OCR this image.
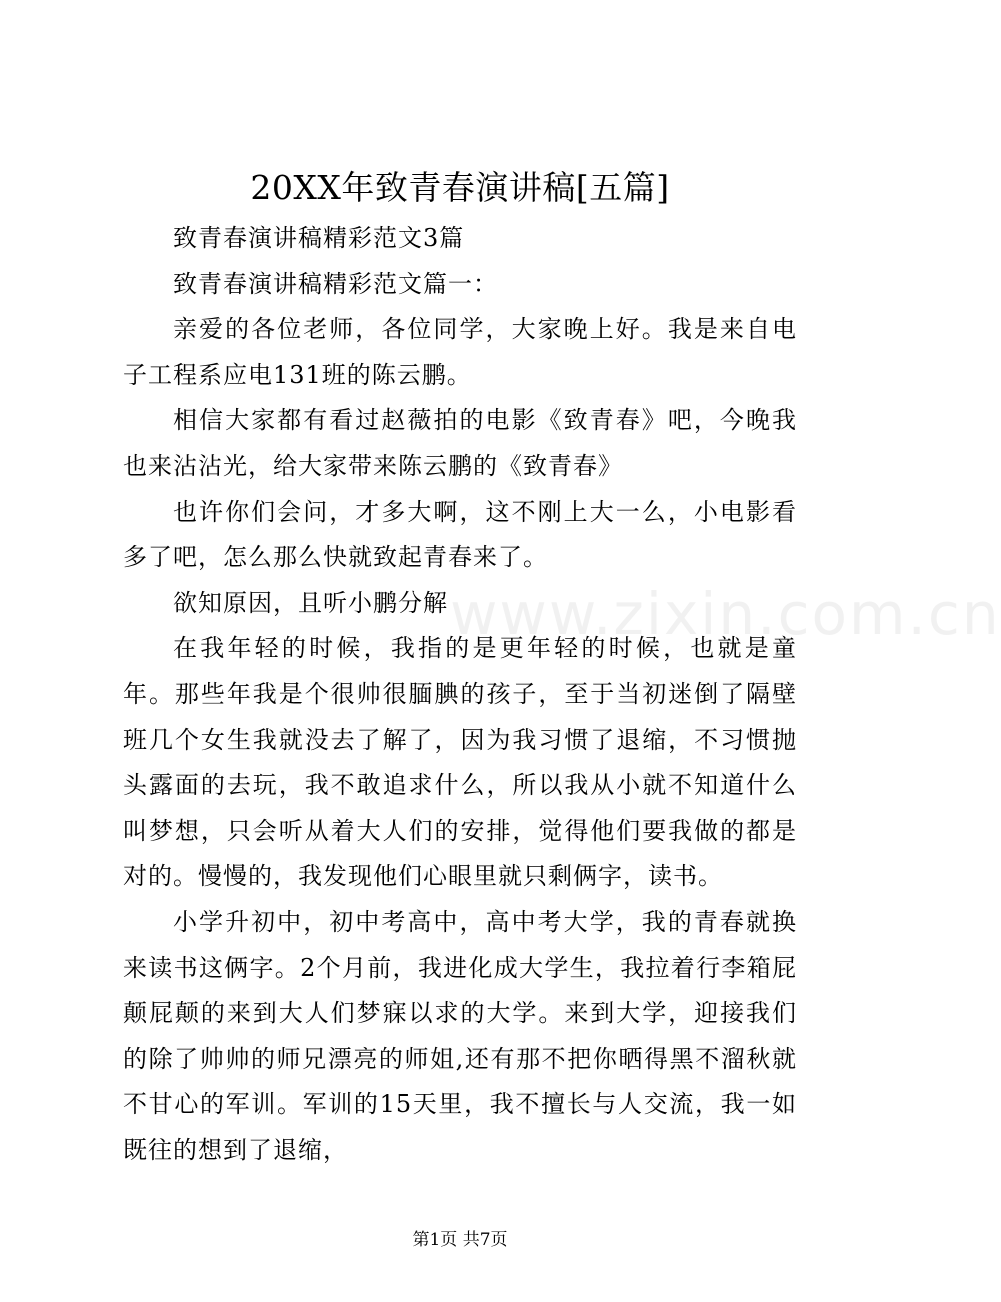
20XX年致青春演讲稿[五篇]

致青春演讲稿精彩范文3篇

致青春演讲稿精彩范文篇一：

亲爱的各位老师，各位同学，大家晚上好。我是来自电子工程系应电131班的陈云鹏。

相信大家都有看过赵薇拍的电影《致青春》吧，今晚我也来沾沾光，给大家带来陈云鹏的《致青春》

也许你们会问，才多大啊，这不刚上大一么，小电影看多了吧，怎么那么快就致起青春来了。

欲知原因，且听小鹏分解

在我年轻的时候，我指的是更年轻的时候，也就是童年。那些年我是个很帅很腼腆的孩子，至于当初迷倒了隔壁班几个女生我就没去了解了，因为我习惯了退缩，不习惯抛头露面的去玩，我不敢追求什么，所以我从小就不知道什么叫梦想，只会听从着大人们的安排，觉得他们要我做的都是对的。慢慢的，我发现他们心眼里就只剩俩字，读书。

小学升初中，初中考高中，高中考大学，我的青春就换来读书这俩字。2个月前，我进化成大学生，我拉着行李箱屁颠屁颠的来到大人们梦寐以求的大学。来到大学，迎接我们的除了帅帅的师兄漂亮的师姐,还有那不把你晒得黑不溜秋就不甘心的军训。军训的15天里，我不擅长与人交流，我一如既往的想到了退缩，

www.zixin.com.cn
第1页 共7页
